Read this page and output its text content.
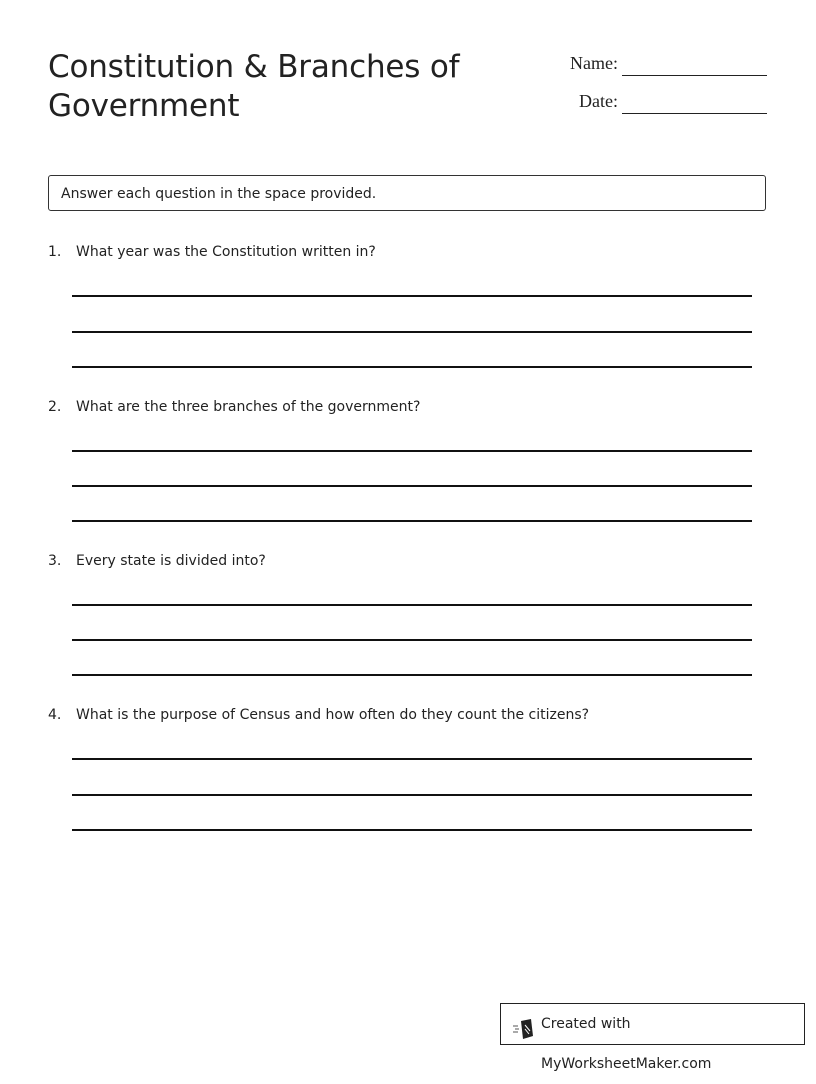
Constitution & Branches of Government
Name:
Date:
Answer each question in the space provided.
1. What year was the Constitution written in?
2. What are the three branches of the government?
3. Every state is divided into?
4. What is the purpose of Census and how often do they count the citizens?
Created with MyWorksheetMaker.com
